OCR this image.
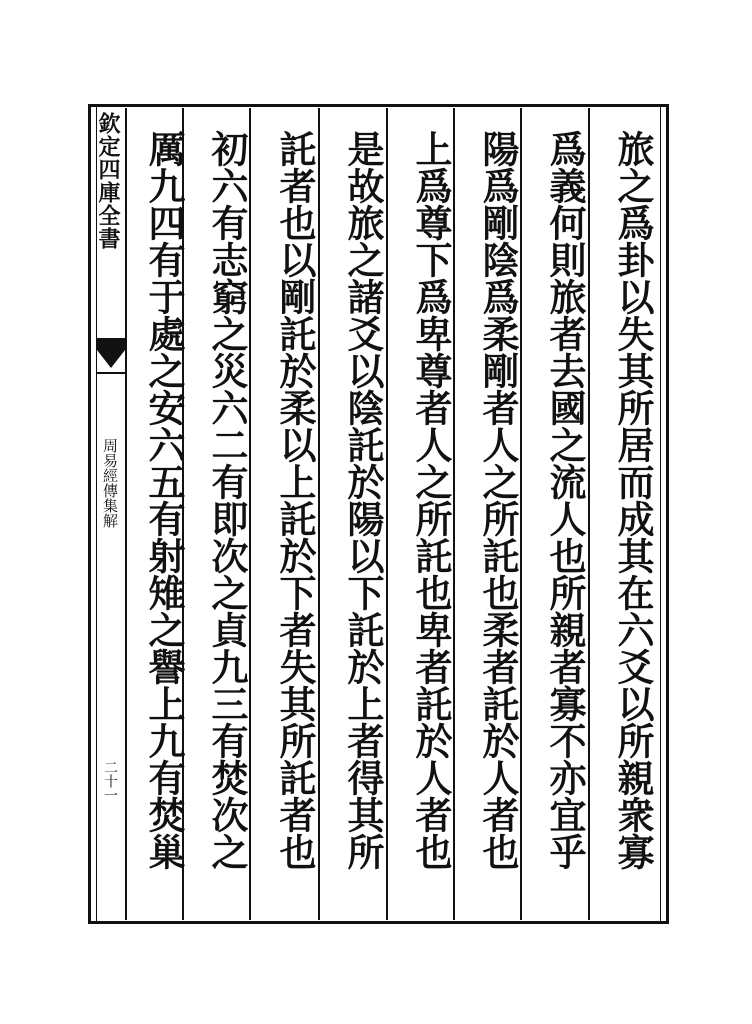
欽定四庫全書
周易經傳集解
二十一	旅之爲卦以失其所居而成其在六爻以所親衆寡
爲義何則旅者去國之流人也所親者寡不亦宜乎
陽爲剛陰爲柔剛者人之所託也柔者託於人者也
上爲尊下爲卑尊者人之所託也卑者託於人者也
是故旅之諸爻以陰託於陽以下託於上者得其所
託者也以剛託於柔以上託於下者失其所託者也
初六有志窮之災六二有即次之貞九三有焚次之
厲九四有于處之安六五有射雉之譽上九有焚巢
